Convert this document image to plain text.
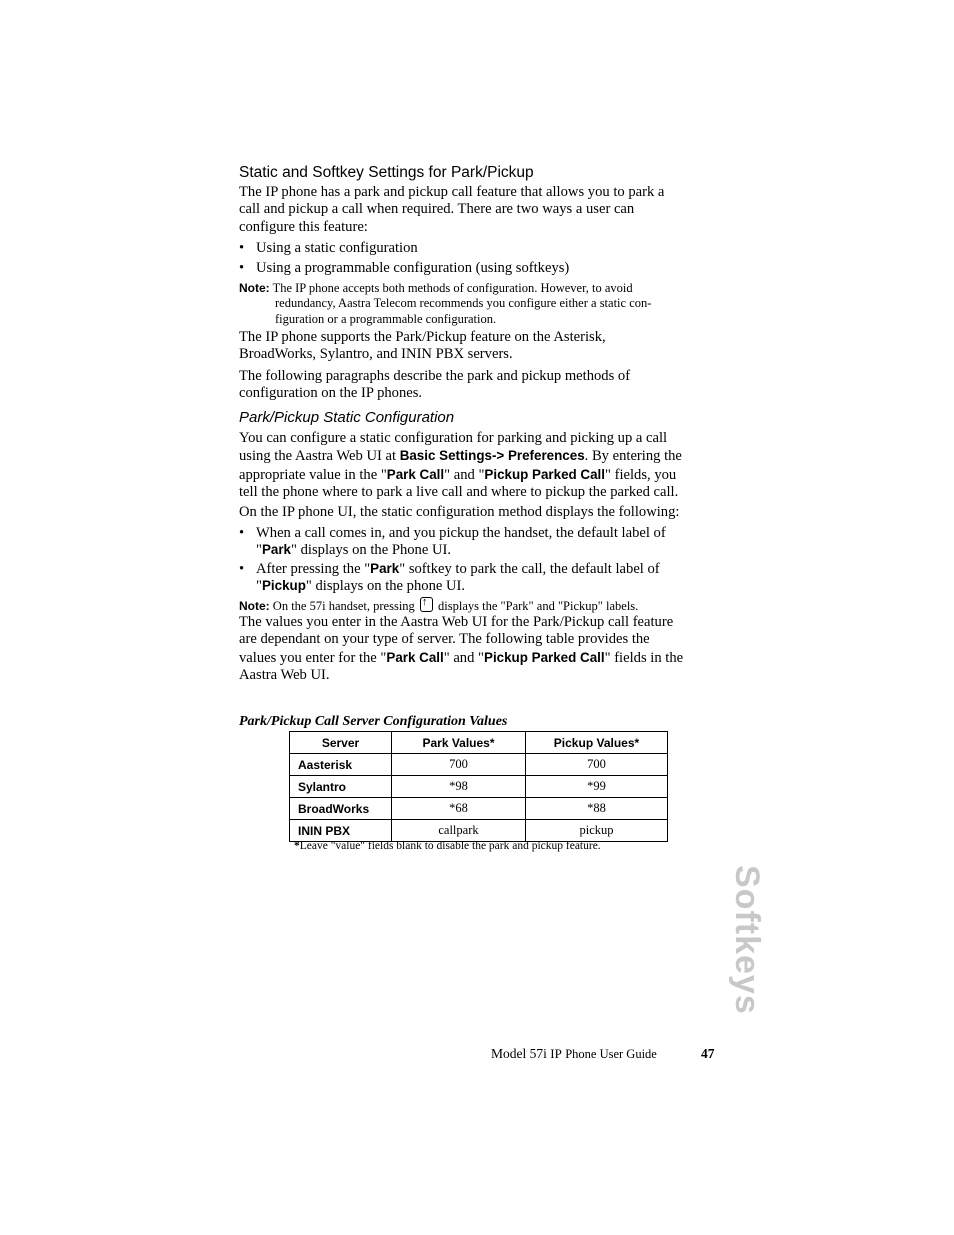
Static and Softkey Settings for Park/Pickup
The IP phone has a park and pickup call feature that allows you to park a
call and pickup a call when required. There are two ways a user can
configure this feature:
• Using a static configuration
• Using a programmable configuration (using softkeys)
Note: The IP phone accepts both methods of configuration. However, to avoid
redundancy, Aastra Telecom recommends you configure either a static con-
figuration or a programmable configuration.
The IP phone supports the Park/Pickup feature on the Asterisk,
BroadWorks, Sylantro, and ININ PBX servers.
The following paragraphs describe the park and pickup methods of
configuration on the IP phones.
Park/Pickup Static Configuration
You can configure a static configuration for parking and picking up a call
using the Aastra Web UI at Basic Settings-> Preferences. By entering the
appropriate value in the "Park Call" and "Pickup Parked Call" fields, you
tell the phone where to park a live call and where to pickup the parked call.
On the IP phone UI, the static configuration method displays the following:
• When a call comes in, and you pickup the handset, the default label of
"Park" displays on the Phone UI.
• After pressing the "Park" softkey to park the call, the default label of
"Pickup" displays on the phone UI.
Note: On the 57i handset, pressing ↑ displays the "Park" and "Pickup" labels.
The values you enter in the Aastra Web UI for the Park/Pickup call feature
are dependant on your type of server. The following table provides the
values you enter for the "Park Call" and "Pickup Parked Call" fields in the
Aastra Web UI.
Park/Pickup Call Server Configuration Values
Server	Park Values*	Pickup Values*
Aasterisk	700	700
Sylantro	*98	*99
BroadWorks	*68	*88
ININ PBX	callpark	pickup
*Leave "value" fields blank to disable the park and pickup feature.
Softkeys
Model 57i IP Phone User Guide	47
